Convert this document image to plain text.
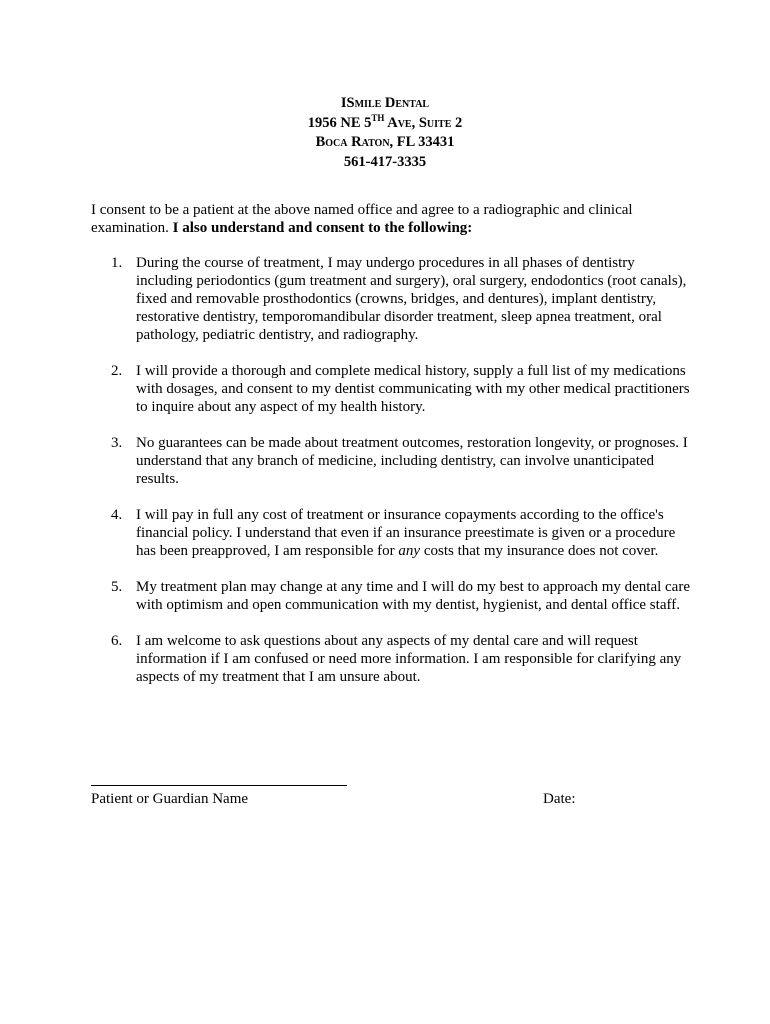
ISmile Dental
1956 NE 5TH Ave, Suite 2
Boca Raton, FL 33431
561-417-3335
I consent to be a patient at the above named office and agree to a radiographic and clinical examination. I also understand and consent to the following:
1. During the course of treatment, I may undergo procedures in all phases of dentistry including periodontics (gum treatment and surgery), oral surgery, endodontics (root canals), fixed and removable prosthodontics (crowns, bridges, and dentures), implant dentistry, restorative dentistry, temporomandibular disorder treatment, sleep apnea treatment, oral pathology, pediatric dentistry, and radiography.
2. I will provide a thorough and complete medical history, supply a full list of my medications with dosages, and consent to my dentist communicating with my other medical practitioners to inquire about any aspect of my health history.
3. No guarantees can be made about treatment outcomes, restoration longevity, or prognoses. I understand that any branch of medicine, including dentistry, can involve unanticipated results.
4. I will pay in full any cost of treatment or insurance copayments according to the office's financial policy. I understand that even if an insurance preestimate is given or a procedure has been preapproved, I am responsible for any costs that my insurance does not cover.
5. My treatment plan may change at any time and I will do my best to approach my dental care with optimism and open communication with my dentist, hygienist, and dental office staff.
6. I am welcome to ask questions about any aspects of my dental care and will request information if I am confused or need more information. I am responsible for clarifying any aspects of my treatment that I am unsure about.
Patient or Guardian Name	Date:
